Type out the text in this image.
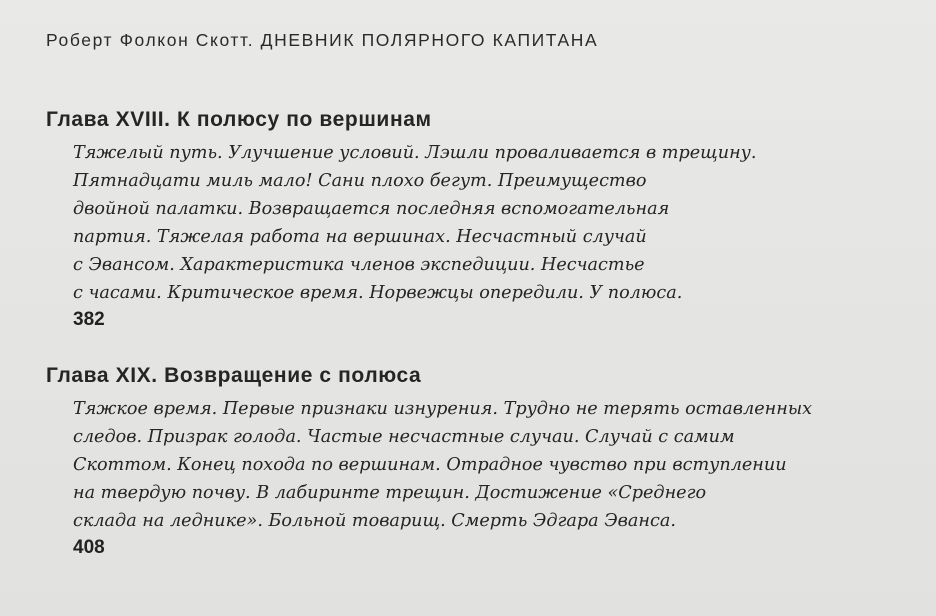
Роберт Фолкон Скотт. ДНЕВНИК ПОЛЯРНОГО КАПИТАНА
Глава XVIII. К полюсу по вершинам
Тяжелый путь. Улучшение условий. Лэшли проваливается в трещину.
Пятнадцати миль мало! Сани плохо бегут. Преимущество
двойной палатки. Возвращается последняя вспомогательная
партия. Тяжелая работа на вершинах. Несчастный случай
с Эвансом. Характеристика членов экспедиции. Несчастье
с часами. Критическое время. Норвежцы опередили. У полюса.
382
Глава XIX. Возвращение с полюса
Тяжкое время. Первые признаки изнурения. Трудно не терять оставленных
следов. Призрак голода. Частые несчастные случаи. Случай с самим
Скоттом. Конец похода по вершинам. Отрадное чувство при вступлении
на твердую почву. В лабиринте трещин. Достижение «Среднего
склада на леднике». Больной товарищ. Смерть Эдгара Эванса.
408
